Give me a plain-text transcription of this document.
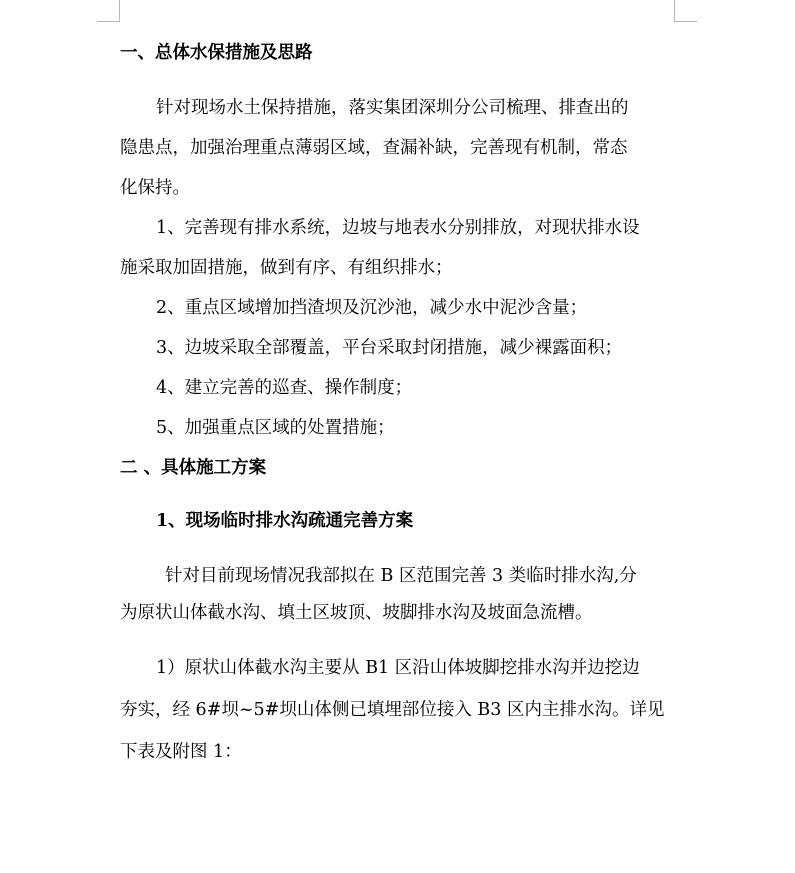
一、总体水保措施及思路
针对现场水土保持措施，落实集团深圳分公司梳理、排查出的
隐患点，加强治理重点薄弱区域，查漏补缺，完善现有机制，常态
化保持。
1、完善现有排水系统，边坡与地表水分别排放，对现状排水设
施采取加固措施，做到有序、有组织排水；
2、重点区域增加挡渣坝及沉沙池，减少水中泥沙含量；
3、边坡采取全部覆盖，平台采取封闭措施，减少裸露面积；
4、建立完善的巡查、操作制度；
5、加强重点区域的处置措施；
二 、具体施工方案
1、现场临时排水沟疏通完善方案
针对目前现场情况我部拟在 B 区范围完善 3 类临时排水沟,分
为原状山体截水沟、填土区坡顶、坡脚排水沟及坡面急流槽。
1）原状山体截水沟主要从 B1 区沿山体坡脚挖排水沟并边挖边
夯实，经 6#坝~5#坝山体侧已填埋部位接入 B3 区内主排水沟。详见
下表及附图 1：
